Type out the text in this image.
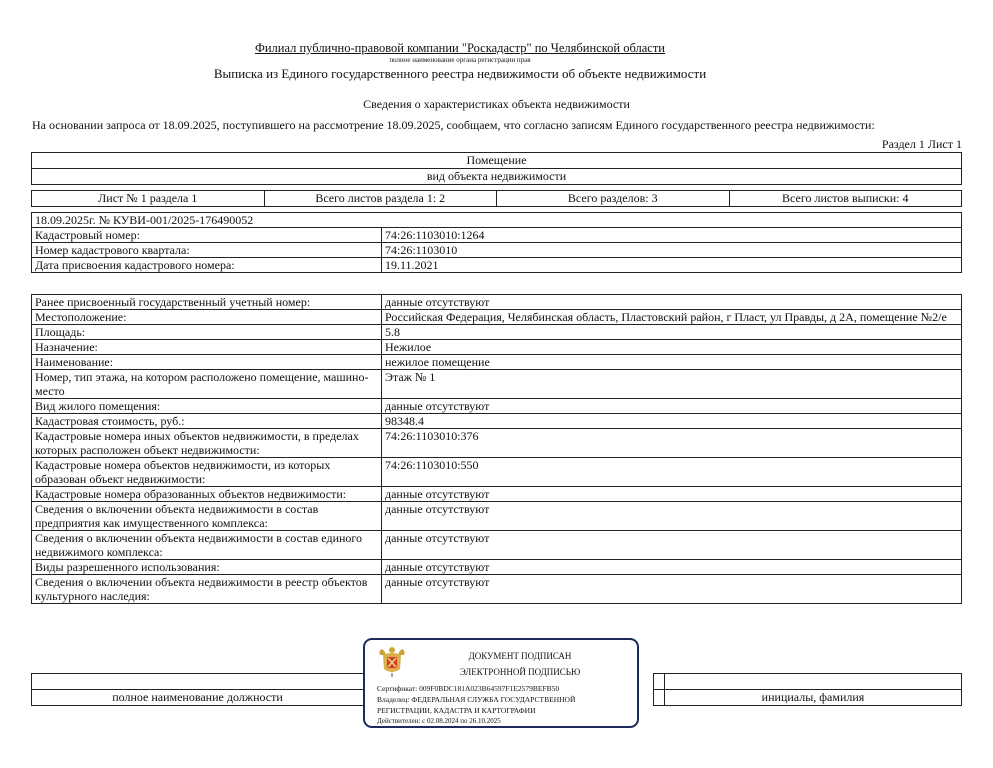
Филиал публично-правовой компании "Роскадастр" по Челябинской области
полное наименование органа регистрации прав
Выписка из Единого государственного реестра недвижимости об объекте недвижимости
Сведения о характеристиках объекта недвижимости
На основании запроса от 18.09.2025, поступившего на рассмотрение 18.09.2025, сообщаем, что согласно записям Единого государственного реестра недвижимости:
Раздел 1 Лист 1
Помещение
вид объекта недвижимости
Лист № 1 раздела 1	Всего листов раздела 1: 2	Всего разделов: 3	Всего листов выписки: 4
18.09.2025г. № КУВИ-001/2025-176490052	
Кадастровый номер:	74:26:1103010:1264
Номер кадастрового квартала:	74:26:1103010
Дата присвоения кадастрового номера:	19.11.2021
Ранее присвоенный государственный учетный номер:	данные отсутствуют
Местоположение:	Российская Федерация, Челябинская область, Пластовский район, г Пласт, ул Правды, д 2А, помещение №2/е
Площадь:	5.8
Назначение:	Нежилое
Наименование:	нежилое помещение
Номер, тип этажа, на котором расположено помещение, машино-место	Этаж № 1
Вид жилого помещения:	данные отсутствуют
Кадастровая стоимость, руб.:	98348.4
Кадастровые номера иных объектов недвижимости, в пределах которых расположен объект недвижимости:	74:26:1103010:376
Кадастровые номера объектов недвижимости, из которых образован объект недвижимости:	74:26:1103010:550
Кадастровые номера образованных объектов недвижимости:	данные отсутствуют
Сведения о включении объекта недвижимости в состав предприятия как имущественного комплекса:	данные отсутствуют
Сведения о включении объекта недвижимости в состав единого недвижимого комплекса:	данные отсутствуют
Виды разрешенного использования:	данные отсутствуют
Сведения о включении объекта недвижимости в реестр объектов культурного наследия:	данные отсутствуют

полное наименование должности

		инициалы, фамилия
ДОКУМЕНТ ПОДПИСАН
ЭЛЕКТРОННОЙ ПОДПИСЬЮ
Сертификат: 009F0BDC181A023B64597F1E2579BEFB50
Владелец: ФЕДЕРАЛЬНАЯ СЛУЖБА ГОСУДАРСТВЕННОЙ
РЕГИСТРАЦИИ, КАДАСТРА И КАРТОГРАФИИ
Действителен: с 02.08.2024 по 26.10.2025
